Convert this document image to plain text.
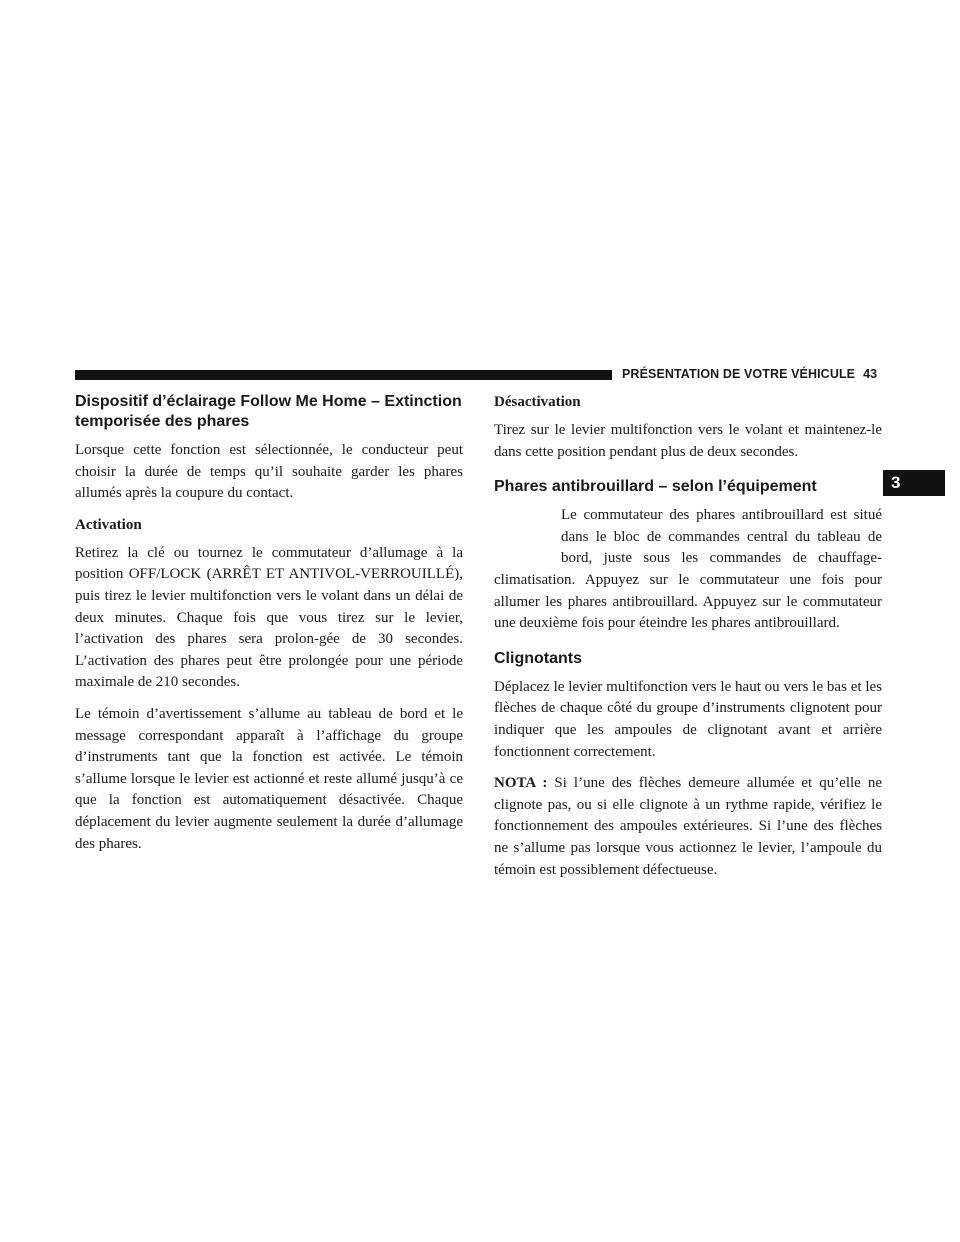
PRÉSENTATION DE VOTRE VÉHICULE 43
3
Dispositif d’éclairage Follow Me Home – Extinction temporisée des phares

Lorsque cette fonction est sélectionnée, le conducteur peut choisir la durée de temps qu’il souhaite garder les phares allumés après la coupure du contact.

Activation

Retirez la clé ou tournez le commutateur d’allumage à la position OFF/LOCK (ARRÊT ET ANTIVOL-VERROUILLÉ), puis tirez le levier multifonction vers le volant dans un délai de deux minutes. Chaque fois que vous tirez sur le levier, l’activation des phares sera prolon-gée de 30 secondes. L’activation des phares peut être prolongée pour une période maximale de 210 secondes.

Le témoin d’avertissement s’allume au tableau de bord et le message correspondant apparaît à l’affichage du groupe d’instruments tant que la fonction est activée. Le témoin s’allume lorsque le levier est actionné et reste allumé jusqu’à ce que la fonction est automatiquement désactivée. Chaque déplacement du levier augmente seulement la durée d’allumage des phares.

Désactivation

Tirez sur le levier multifonction vers le volant et maintenez-le dans cette position pendant plus de deux secondes.

Phares antibrouillard – selon l’équipement

Le commutateur des phares antibrouillard est situé dans le bloc de commandes central du tableau de bord, juste sous les commandes de chauffage-climatisation. Appuyez sur le commutateur une fois pour allumer les phares antibrouillard. Appuyez sur le commutateur une deuxième fois pour éteindre les phares antibrouillard.

Clignotants

Déplacez le levier multifonction vers le haut ou vers le bas et les flèches de chaque côté du groupe d’instruments clignotent pour indiquer que les ampoules de clignotant avant et arrière fonctionnent correctement.

NOTA : Si l’une des flèches demeure allumée et qu’elle ne clignote pas, ou si elle clignote à un rythme rapide, vérifiez le fonctionnement des ampoules extérieures. Si l’une des flèches ne s’allume pas lorsque vous actionnez le levier, l’ampoule du témoin est possiblement défectueuse.
